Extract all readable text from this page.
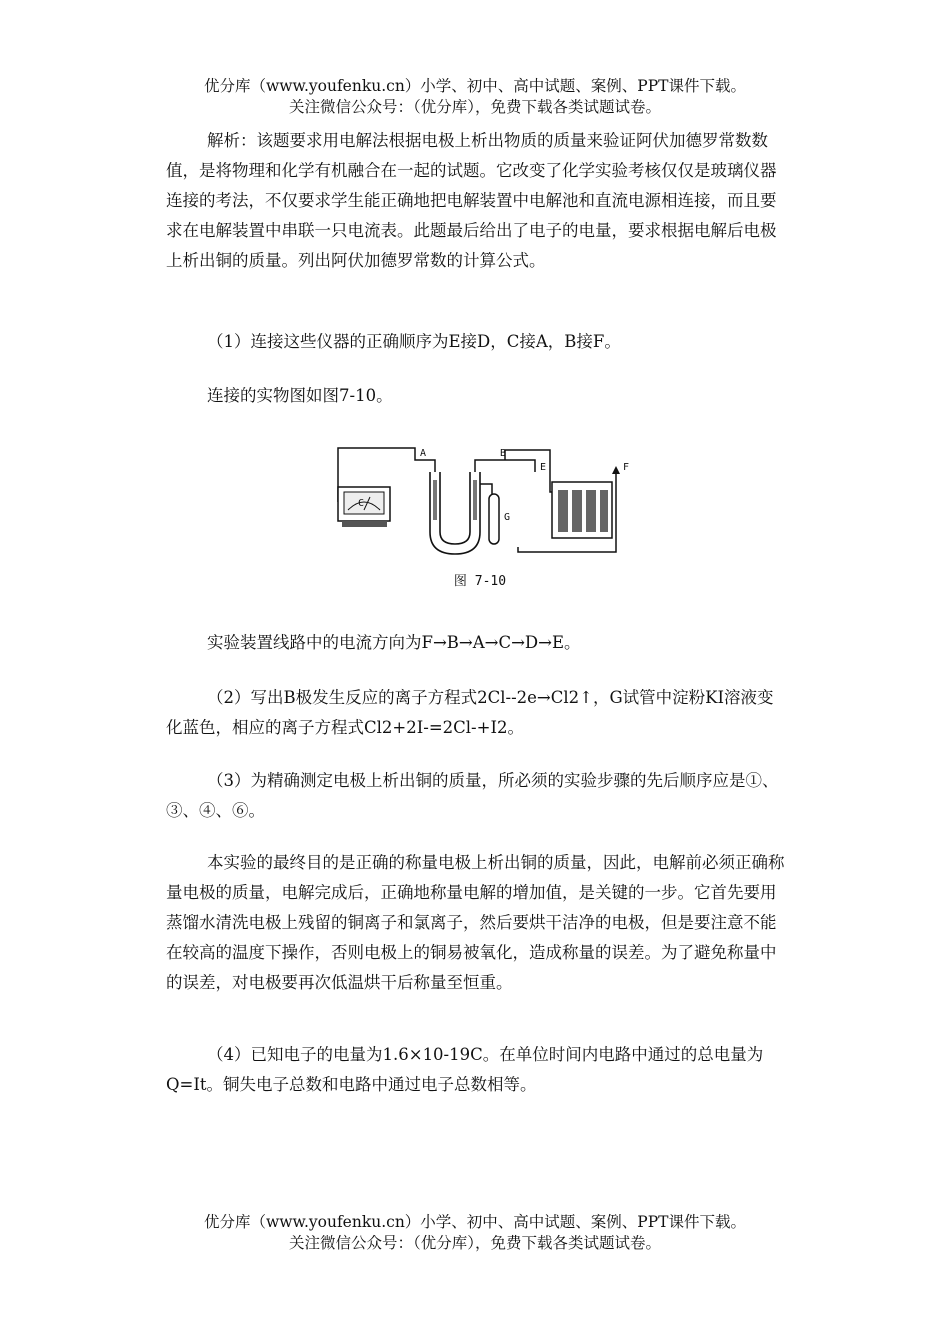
优分库（www.youfenku.cn）小学、初中、高中试题、案例、PPT课件下载。
关注微信公众号：（优分库），免费下载各类试题试卷。

解析：该题要求用电解法根据电极上析出物质的质量来验证阿伏加德罗常数数值，是将物理和化学有机融合在一起的试题。它改变了化学实验考核仅仅是玻璃仪器连接的考法，不仅要求学生能正确地把电解装置中电解池和直流电源相连接，而且要求在电解装置中串联一只电流表。此题最后给出了电子的电量，要求根据电解后电极上析出铜的质量。列出阿伏加德罗常数的计算公式。

（1）连接这些仪器的正确顺序为E接D，C接A，B接F。

连接的实物图如图7-10。

C
A	B
E	F
G
图 7-10

实验装置线路中的电流方向为F→B→A→C→D→E。

（2）写出B极发生反应的离子方程式2Cl--2e→Cl2↑，G试管中淀粉KI溶液变化蓝色，相应的离子方程式Cl2+2I-=2Cl-+I2。

（3）为精确测定电极上析出铜的质量，所必须的实验步骤的先后顺序应是①、③、④、⑥。

本实验的最终目的是正确的称量电极上析出铜的质量，因此，电解前必须正确称量电极的质量，电解完成后，正确地称量电解的增加值，是关键的一步。它首先要用蒸馏水清洗电极上残留的铜离子和氯离子，然后要烘干洁净的电极，但是要注意不能在较高的温度下操作，否则电极上的铜易被氧化，造成称量的误差。为了避免称量中的误差，对电极要再次低温烘干后称量至恒重。

（4）已知电子的电量为1.6×10-19C。在单位时间内电路中通过的总电量为Q=It。铜失电子总数和电路中通过电子总数相等。

优分库（www.youfenku.cn）小学、初中、高中试题、案例、PPT课件下载。
关注微信公众号：（优分库），免费下载各类试题试卷。
